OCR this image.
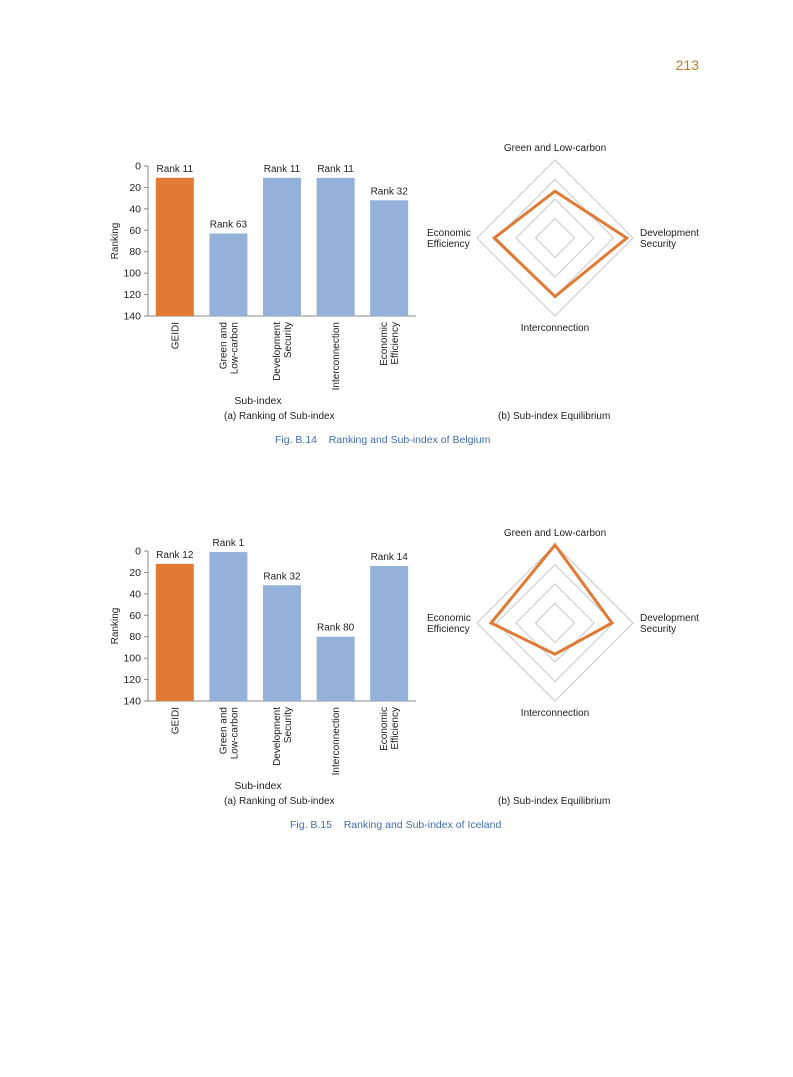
213
0
20
40
60
80
100
120
140
Ranking
Rank 11
GEIDI
Rank 63
Green andLow-carbon
Rank 11
DevelopmentSecurity
Rank 11
Interconnection
Rank 32
EconomicEfficiency
Sub-index
Green and Low-carbon
Interconnection
Development Security
Economic Efficiency
(a) Ranking of Sub-index	(b) Sub-index Equilibrium
Fig. B.14    Ranking and Sub-index of Belgium
0
20
40
60
80
100
120
140
Ranking
Rank 12
GEIDI
Rank 1
Green andLow-carbon
Rank 32
DevelopmentSecurity
Rank 80
Interconnection
Rank 14
EconomicEfficiency
Sub-index
Green and Low-carbon
Interconnection
Development Security
Economic Efficiency
(a) Ranking of Sub-index	(b) Sub-index Equilibrium
Fig. B.15    Ranking and Sub-index of Iceland
